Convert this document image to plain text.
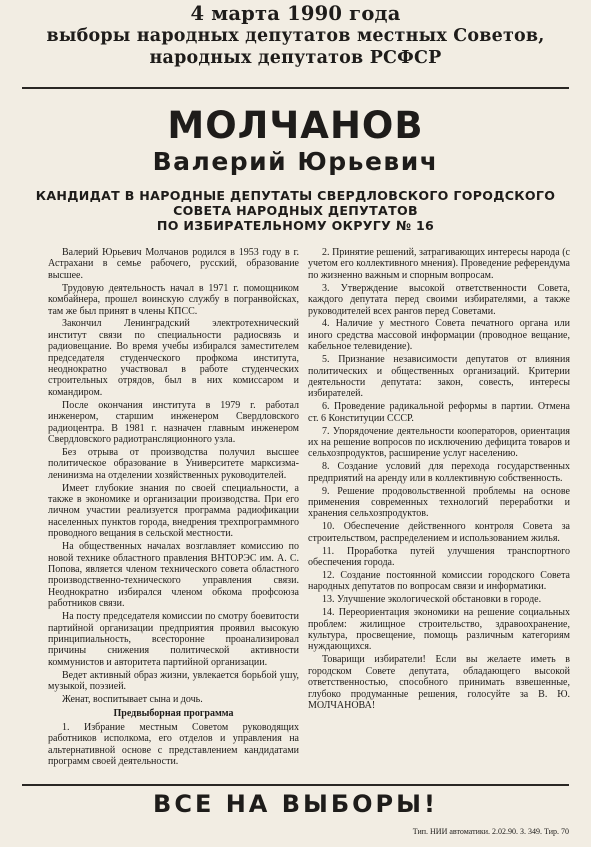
4 марта 1990 года
выборы народных депутатов местных Советов,
народных депутатов РСФСР
МОЛЧАНОВ
Валерий Юрьевич
КАНДИДАТ В НАРОДНЫЕ ДЕПУТАТЫ СВЕРДЛОВСКОГО ГОРОДСКОГО
СОВЕТА НАРОДНЫХ ДЕПУТАТОВ
ПО ИЗБИРАТЕЛЬНОМУ ОКРУГУ № 16

Валерий Юрьевич Молчанов родился в 1953 году в г. Астрахани в семье рабочего, русский, образование высшее.

Трудовую деятельность начал в 1971 г. помощником комбайнера, прошел воинскую службу в погранвойсках, там же был принят в члены КПСС.

Закончил Ленинградский электротехнический институт связи по специальности радиосвязь и радиовещание. Во время учебы избирался заместителем председателя студенческого профкома института, неоднократно участвовал в работе студенческих строительных отрядов, был в них комиссаром и командиром.

После окончания института в 1979 г. работал инженером, старшим инженером Свердловского радиоцентра. В 1981 г. назначен главным инженером Свердловского радиотрансляционного узла.

Без отрыва от производства получил высшее политическое образование в Университете марксизма-ленинизма на отделении хозяйственных руководителей.

Имеет глубокие знания по своей специальности, а также в экономике и организации производства. При его личном участии реализуется программа радиофикации населенных пунктов города, внедрения трехпрограммного проводного вещания в сельской местности.

На общественных началах возглавляет комиссию по новой технике областного правления ВНТОРЭС им. А. С. Попова, является членом технического совета областного производственно-технического управления связи. Неоднократно избирался членом обкома профсоюза работников связи.

На посту председателя комиссии по смотру боевитости партийной организации предприятия проявил высокую принципиальность, всесторонне проанализировал причины снижения политической активности коммунистов и авторитета партийной организации.

Ведет активный образ жизни, увлекается борьбой ушу, музыкой, поэзией.

Женат, воспитывает сына и дочь.

Предвыборная программа

1. Избрание местным Советом руководящих работников исполкома, его отделов и управления на альтернативной основе с представлением кандидатами программ своей деятельности.

2. Принятие решений, затрагивающих интересы народа (с учетом его коллективного мнения). Проведение референдума по жизненно важным и спорным вопросам.

3. Утверждение высокой ответственности Совета, каждого депутата перед своими избирателями, а также руководителей всех рангов перед Советами.

4. Наличие у местного Совета печатного органа или иного средства массовой информации (проводное вещание, кабельное телевидение).

5. Признание независимости депутатов от влияния политических и общественных организаций. Критерии деятельности депутата: закон, совесть, интересы избирателей.

6. Проведение радикальной реформы в партии. Отмена ст. 6 Конституции СССР.

7. Упорядочение деятельности кооператоров, ориентация их на решение вопросов по исключению дефицита товаров и сельхозпродуктов, расширение услуг населению.

8. Создание условий для перехода государственных предприятий на аренду или в коллективную собственность.

9. Решение продовольственной проблемы на основе применения современных технологий переработки и хранения сельхозпродуктов.

10. Обеспечение действенного контроля Совета за строительством, распределением и использованием жилья.

11. Проработка путей улучшения транспортного обеспечения города.

12. Создание постоянной комиссии городского Совета народных депутатов по вопросам связи и информатики.

13. Улучшение экологической обстановки в городе.

14. Переориентация экономики на решение социальных проблем: жилищное строительство, здравоохранение, культура, просвещение, помощь различным категориям нуждающихся.

Товарищи избиратели! Если вы желаете иметь в городском Совете депутата, обладающего высокой ответственностью, способного принимать взвешенные, глубоко продуманные решения, голосуйте за В. Ю. МОЛЧАНОВА!

ВСЕ НА ВЫБОРЫ!
Тип. НИИ автоматики. 2.02.90. З. 349. Тир. 70
